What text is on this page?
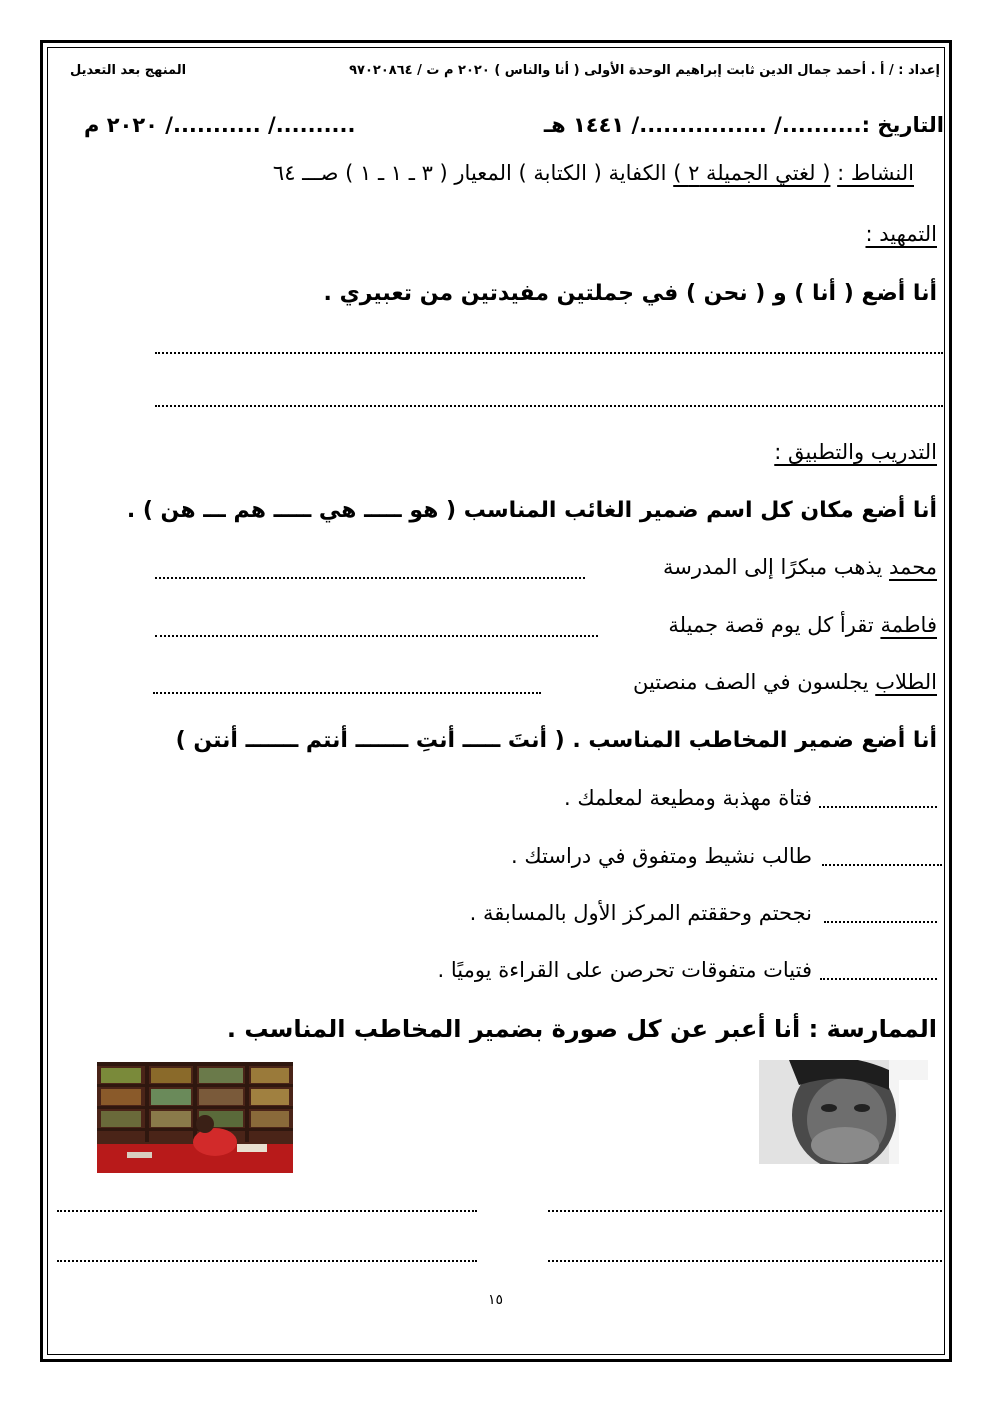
إعداد : / أ . أحمد جمال الدين ثابت إبراهيم الوحدة الأولى ( أنا والناس ) ٢٠٢٠ م ت / ٩٧٠٢٠٨٦٤
المنهج بعد التعديل
التاريخ :........../ ................/ ١٤٤١ هـ
........../ .........../ ٢٠٢٠ م
النشاط : ( لغتي الجميلة ٢ ) الكفاية ( الكتابة ) المعيار ( ٣ ـ ١ ـ ١ ) صـــ ٦٤
التمهيد :
أنا أضع ( أنا ) و ( نحن ) في جملتين مفيدتين من تعبيري .
التدريب والتطبيق :
أنا أضع مكان كل اسم ضمير الغائب المناسب ( هو ـــــ هي ـــــ هم ـــ هن ) .
محمد يذهب مبكرًا إلى المدرسة
فاطمة تقرأ كل يوم قصة جميلة
الطلاب يجلسون في الصف منصتين
أنا أضع ضمير المخاطب المناسب . ( أنتَ ـــــ أنتِ ـــــــ أنتم ـــــــ أنتن )
فتاة مهذبة ومطيعة لمعلمك .
طالب نشيط ومتفوق في دراستك .
نجحتم وحققتم المركز الأول بالمسابقة .
فتيات متفوقات تحرصن على القراءة يوميًا .
الممارسة : أنا أعبر عن كل صورة بضمير المخاطب المناسب .
١٥
